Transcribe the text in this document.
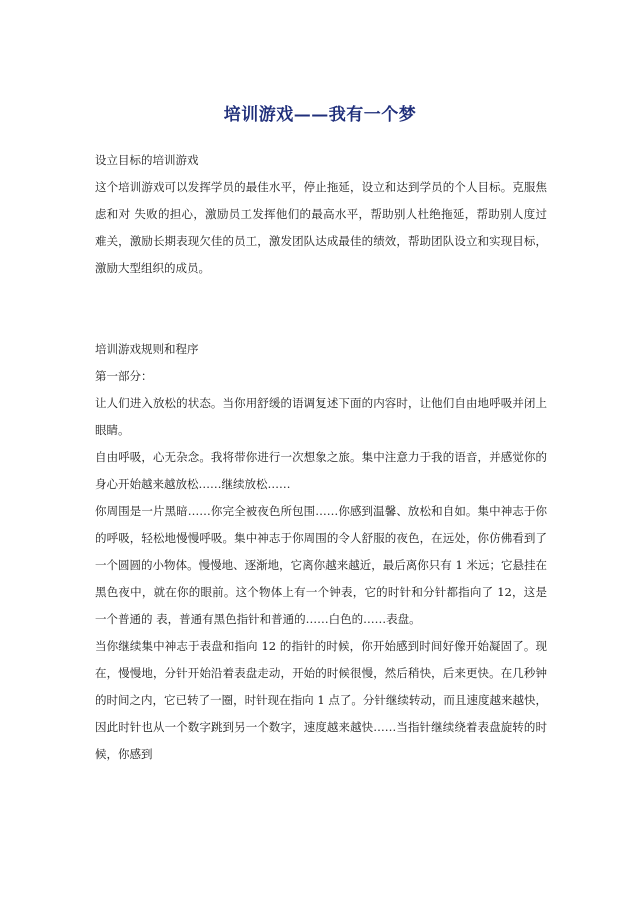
培训游戏——我有一个梦

设立目标的培训游戏

这个培训游戏可以发挥学员的最佳水平，停止拖延，设立和达到学员的个人目标。克服焦虑和对 失败的担心，激励员工发挥他们的最高水平，帮助别人杜绝拖延，帮助别人度过难关，激励长期表现欠佳的员工，激发团队达成最佳的绩效，帮助团队设立和实现目标，激励大型组织的成员。

培训游戏规则和程序

第一部分：

让人们进入放松的状态。当你用舒缓的语调复述下面的内容时，让他们自由地呼吸并闭上眼睛。

自由呼吸，心无杂念。我将带你进行一次想象之旅。集中注意力于我的语音，并感觉你的身心开始越来越放松……继续放松……

你周围是一片黑暗……你完全被夜色所包围……你感到温馨、放松和自如。集中神志于你的呼吸，轻松地慢慢呼吸。集中神志于你周围的令人舒服的夜色，在远处，你仿佛看到了一个圆圆的小物体。慢慢地、逐渐地，它离你越来越近，最后离你只有 1 米远；它悬挂在黑色夜中，就在你的眼前。这个物体上有一个钟表，它的时针和分针都指向了 12，这是一个普通的 表，普通有黑色指针和普通的……白色的……表盘。

当你继续集中神志于表盘和指向 12 的指针的时候，你开始感到时间好像开始凝固了。现在，慢慢地，分针开始沿着表盘走动，开始的时候很慢，然后稍快，后来更快。在几秒钟的时间之内，它已转了一圈，时针现在指向 1 点了。分针继续转动，而且速度越来越快，因此时针也从一个数字跳到另一个数字，速度越来越快……当指针继续绕着表盘旋转的时候，你感到
